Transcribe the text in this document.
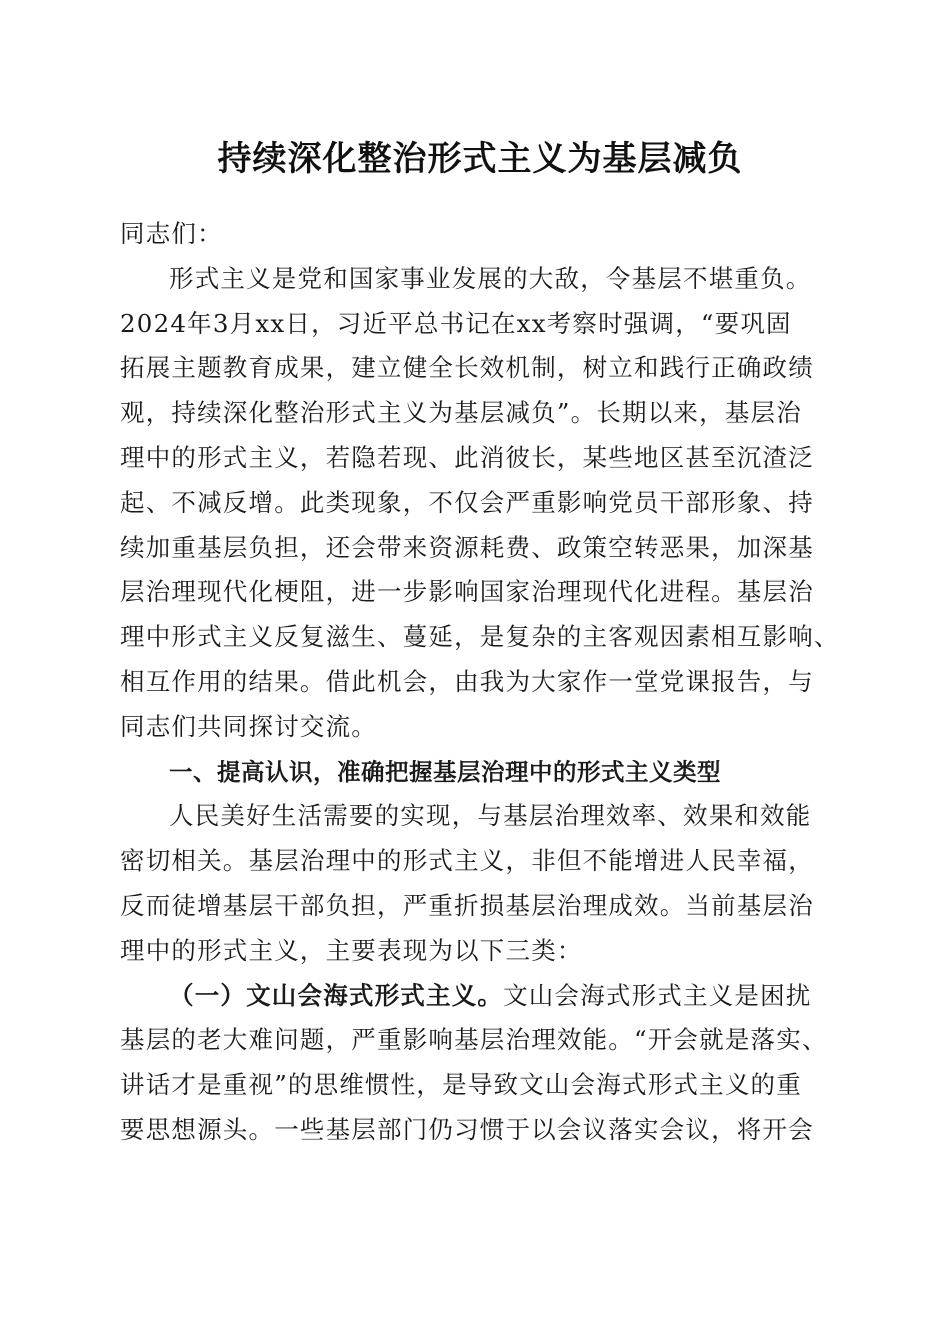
持续深化整治形式主义为基层减负
同志们：
形式主义是党和国家事业发展的大敌，令基层不堪重负。
2024年3月xx日，习近平总书记在xx考察时强调，“要巩固
拓展主题教育成果，建立健全长效机制，树立和践行正确政绩
观，持续深化整治形式主义为基层减负”。长期以来，基层治
理中的形式主义，若隐若现、此消彼长，某些地区甚至沉渣泛
起、不减反增。此类现象，不仅会严重影响党员干部形象、持
续加重基层负担，还会带来资源耗费、政策空转恶果，加深基
层治理现代化梗阻，进一步影响国家治理现代化进程。基层治
理中形式主义反复滋生、蔓延，是复杂的主客观因素相互影响、
相互作用的结果。借此机会，由我为大家作一堂党课报告，与
同志们共同探讨交流。
一、提高认识，准确把握基层治理中的形式主义类型
人民美好生活需要的实现，与基层治理效率、效果和效能
密切相关。基层治理中的形式主义，非但不能增进人民幸福，
反而徒增基层干部负担，严重折损基层治理成效。当前基层治
理中的形式主义，主要表现为以下三类：
（一）文山会海式形式主义。文山会海式形式主义是困扰
基层的老大难问题，严重影响基层治理效能。“开会就是落实、
讲话才是重视”的思维惯性，是导致文山会海式形式主义的重
要思想源头。一些基层部门仍习惯于以会议落实会议，将开会
